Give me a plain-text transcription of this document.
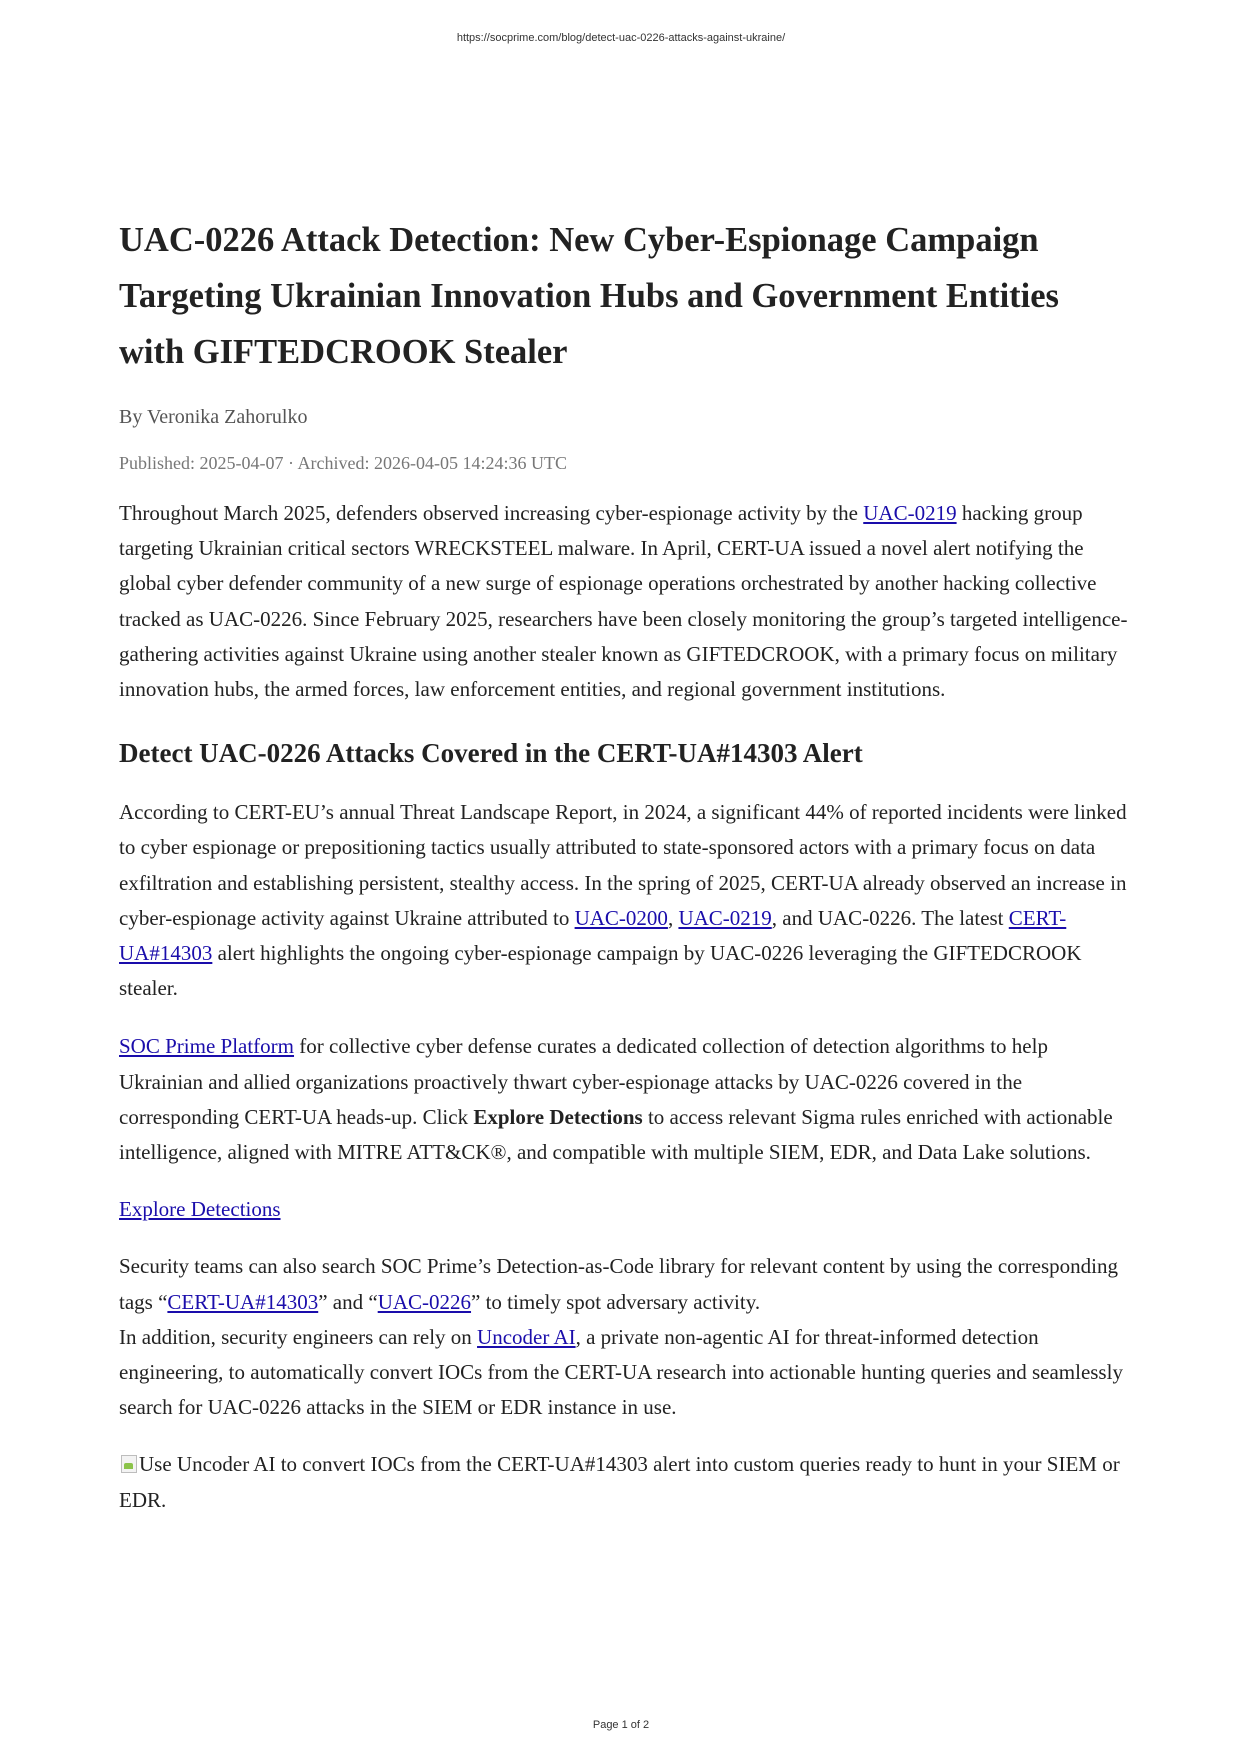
https://socprime.com/blog/detect-uac-0226-attacks-against-ukraine/
UAC-0226 Attack Detection: New Cyber-Espionage Campaign Targeting Ukrainian Innovation Hubs and Government Entities with GIFTEDCROOK Stealer
By Veronika Zahorulko
Published: 2025-04-07 · Archived: 2026-04-05 14:24:36 UTC

Throughout March 2025, defenders observed increasing cyber-espionage activity by the UAC-0219 hacking group targeting Ukrainian critical sectors WRECKSTEEL malware. In April, CERT-UA issued a novel alert notifying the global cyber defender community of a new surge of espionage operations orchestrated by another hacking collective tracked as UAC-0226. Since February 2025, researchers have been closely monitoring the group’s targeted intelligence-gathering activities against Ukraine using another stealer known as GIFTEDCROOK, with a primary focus on military innovation hubs, the armed forces, law enforcement entities, and regional government institutions.

Detect UAC-0226 Attacks Covered in the CERT-UA#14303 Alert

According to CERT-EU’s annual Threat Landscape Report, in 2024, a significant 44% of reported incidents were linked to cyber espionage or prepositioning tactics usually attributed to state-sponsored actors with a primary focus on data exfiltration and establishing persistent, stealthy access. In the spring of 2025, CERT-UA already observed an increase in cyber-espionage activity against Ukraine attributed to UAC-0200, UAC-0219, and UAC-0226. The latest CERT-UA#14303 alert highlights the ongoing cyber-espionage campaign by UAC-0226 leveraging the GIFTEDCROOK stealer.

SOC Prime Platform for collective cyber defense curates a dedicated collection of detection algorithms to help Ukrainian and allied organizations proactively thwart cyber-espionage attacks by UAC-0226 covered in the corresponding CERT-UA heads-up. Click Explore Detections to access relevant Sigma rules enriched with actionable intelligence, aligned with MITRE ATT&CK®, and compatible with multiple SIEM, EDR, and Data Lake solutions.

Explore Detections

Security teams can also search SOC Prime’s Detection-as-Code library for relevant content by using the corresponding tags “CERT-UA#14303” and “UAC-0226” to timely spot adversary activity.

In addition, security engineers can rely on Uncoder AI, a private non-agentic AI for threat-informed detection engineering, to automatically convert IOCs from the CERT-UA research into actionable hunting queries and seamlessly search for UAC-0226 attacks in the SIEM or EDR instance in use.

Use Uncoder AI to convert IOCs from the CERT-UA#14303 alert into custom queries ready to hunt in your SIEM or EDR.

Page 1 of 2
